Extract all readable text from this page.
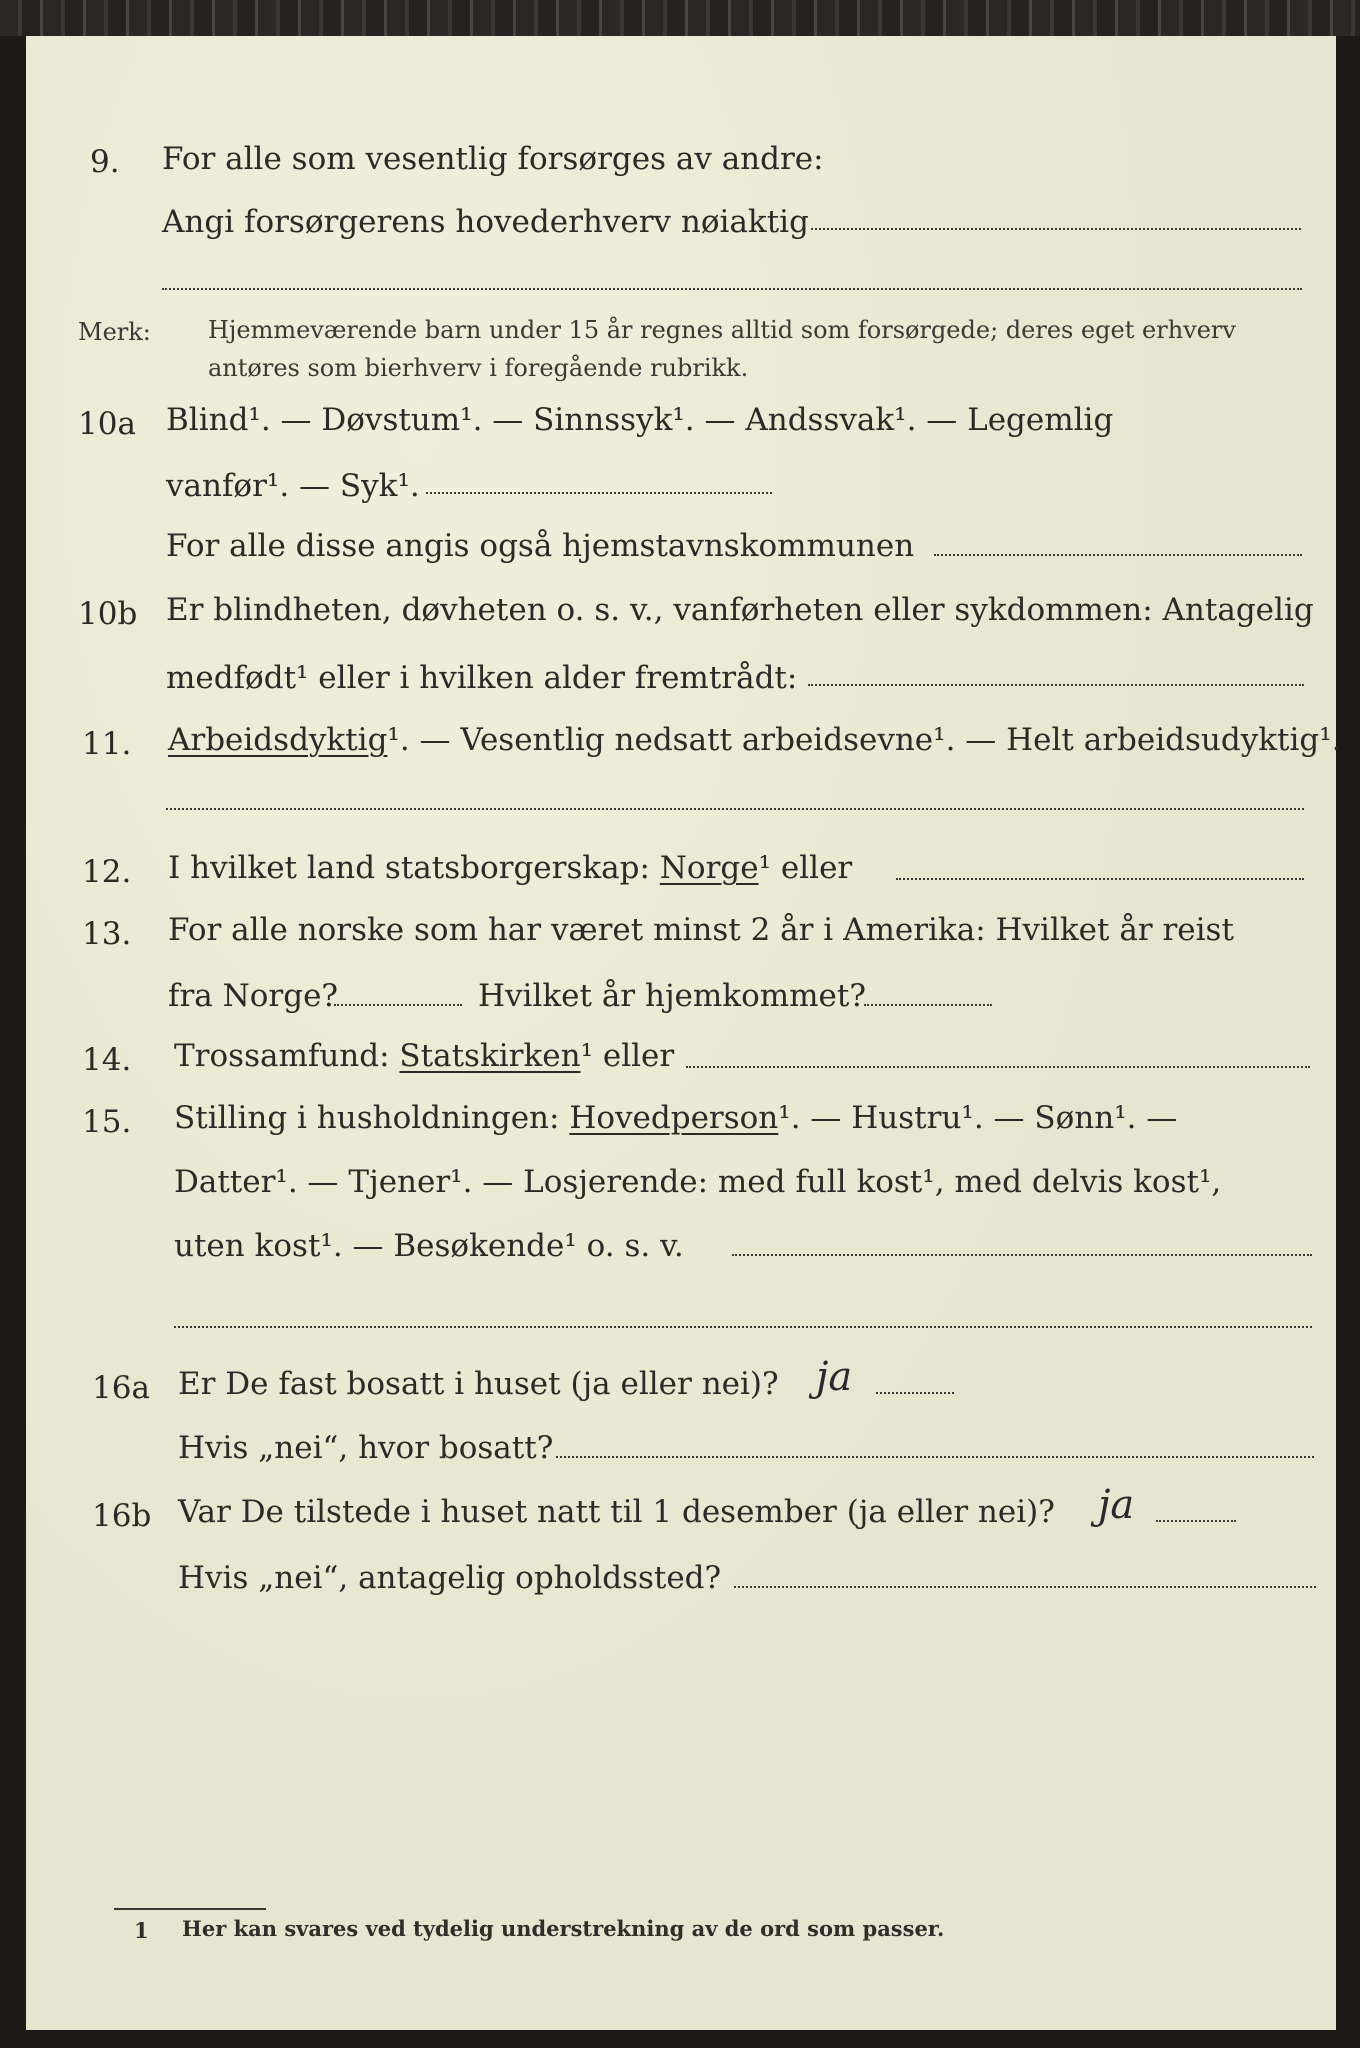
9. For alle som vesentlig forsørges av andre:
Angi forsørgerens hovederhverv nøiaktig
Merk: Hjemmeværende barn under 15 år regnes alltid som forsørgede; deres eget erhverv
antøres som bierhverv i foregående rubrikk.
10a Blind¹. — Døvstum¹. — Sinnssyk¹. — Andssvak¹. — Legemlig
vanfør¹. — Syk¹.
For alle disse angis også hjemstavnskommunen
10b Er blindheten, døvheten o. s. v., vanførheten eller sykdommen: Antagelig
medfødt¹ eller i hvilken alder fremtrådt:
11. Arbeidsdyktig¹. — Vesentlig nedsatt arbeidsevne¹. — Helt arbeidsudyktig¹.
12. I hvilket land statsborgerskap: Norge¹ eller
13. For alle norske som har været minst 2 år i Amerika: Hvilket år reist
fra Norge?	Hvilket år hjemkommet?
14. Trossamfund: Statskirken¹ eller
15. Stilling i husholdningen: Hovedperson¹. — Hustru¹. — Sønn¹. —
Datter¹. — Tjener¹. — Losjerende: med full kost¹, med delvis kost¹,
uten kost¹. — Besøkende¹ o. s. v.
16a Er De fast bosatt i huset (ja eller nei)? ja
Hvis „nei“, hvor bosatt?
16b Var De tilstede i huset natt til 1 desember (ja eller nei)? ja
Hvis „nei“, antagelig opholdssted?
1 Her kan svares ved tydelig understrekning av de ord som passer.
